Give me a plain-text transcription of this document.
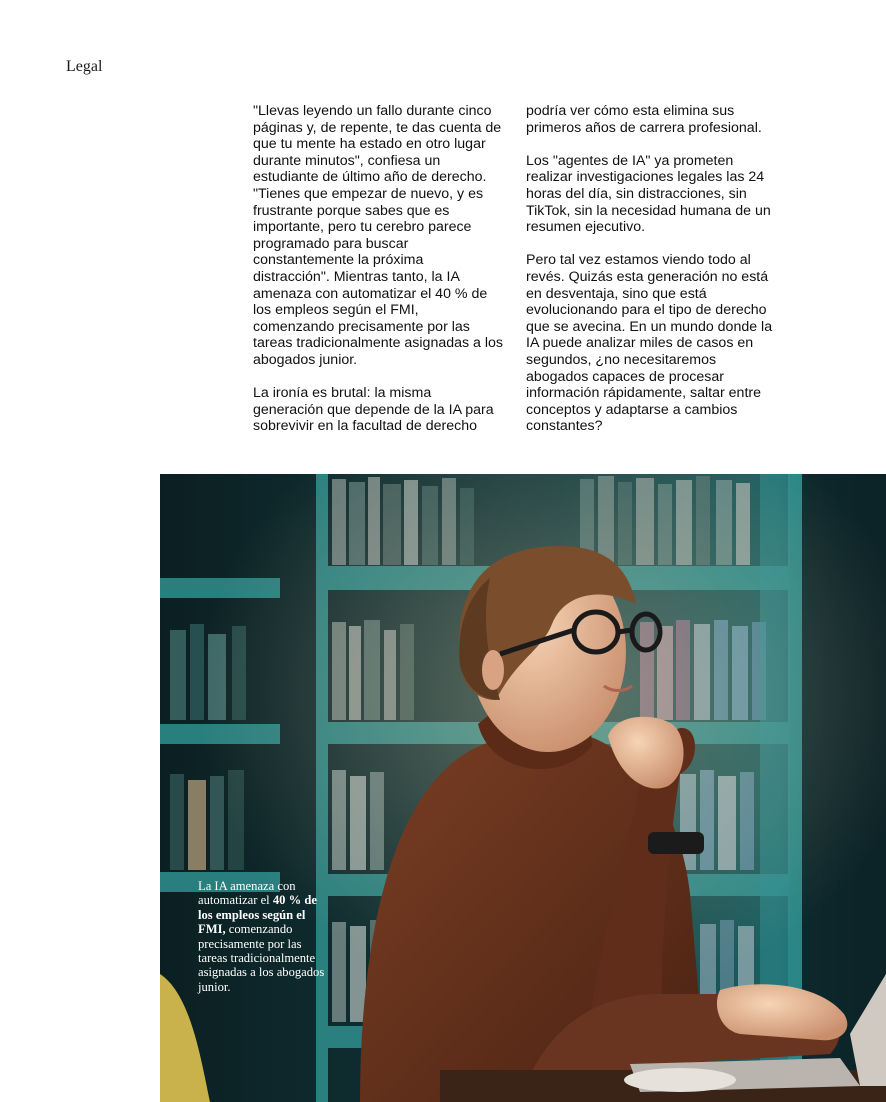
Legal

"Llevas leyendo un fallo durante cinco páginas y, de repente, te das cuenta de que tu mente ha estado en otro lugar durante minutos", confiesa un estudiante de último año de derecho. "Tienes que empezar de nuevo, y es frustrante porque sabes que es importante, pero tu cerebro parece programado para buscar constantemente la próxima distracción". Mientras tanto, la IA amenaza con automatizar el 40 % de los empleos según el FMI, comenzando precisamente por las tareas tradicionalmente asignadas a los abogados junior.

La ironía es brutal: la misma generación que depende de la IA para sobrevivir en la facultad de derecho

podría ver cómo esta elimina sus primeros años de carrera profesional.

Los "agentes de IA" ya prometen realizar investigaciones legales las 24 horas del día, sin distracciones, sin TikTok, sin la necesidad humana de un resumen ejecutivo.

Pero tal vez estamos viendo todo al revés. Quizás esta generación no está en desventaja, sino que está evolucionando para el tipo de derecho que se avecina. En un mundo donde la IA puede analizar miles de casos en segundos, ¿no necesitaremos abogados capaces de procesar información rápidamente, saltar entre conceptos y adaptarse a cambios constantes?

La IA amenaza con automatizar el 40 % de los empleos según el FMI, comenzando precisamente por las tareas tradicionalmente asignadas a los abogados junior.
